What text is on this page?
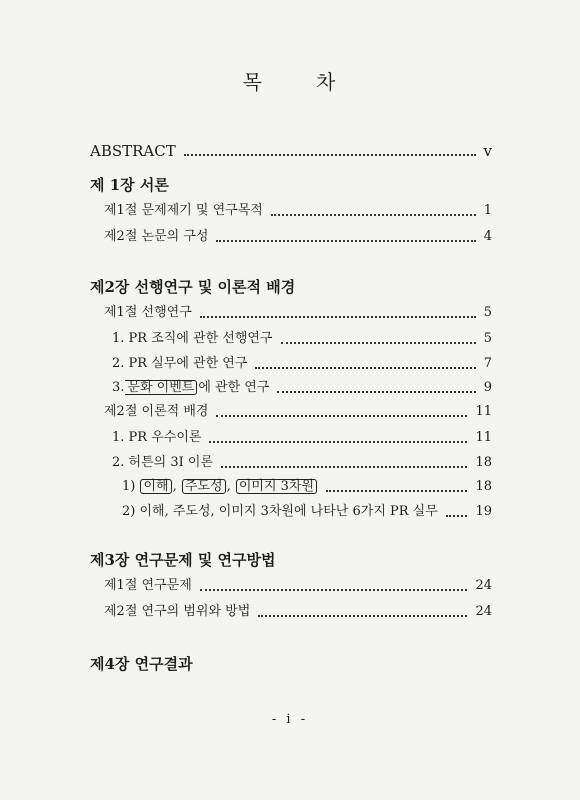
목	차
ABSTRACT	v
제 1장 서론
제1절 문제제기 및 연구목적	1
제2절 논문의 구성	4
제2장 선행연구 및 이론적 배경
제1절 선행연구	5
1. PR 조직에 관한 선행연구	5
2. PR 실무에 관한 연구	7
3. 문화 이벤트 에 관한 연구	9
제2절 이론적 배경	11
1. PR 우수이론	11
2. 허튼의 3I 이론	18
1) 이해 , 주도성 , 이미지 3차원	18
2) 이해, 주도성, 이미지 3차원에 나타난 6가지 PR 실무	19
제3장 연구문제 및 연구방법
제1절 연구문제	24
제2절 연구의 범위와 방법	24
제4장 연구결과
- i -
